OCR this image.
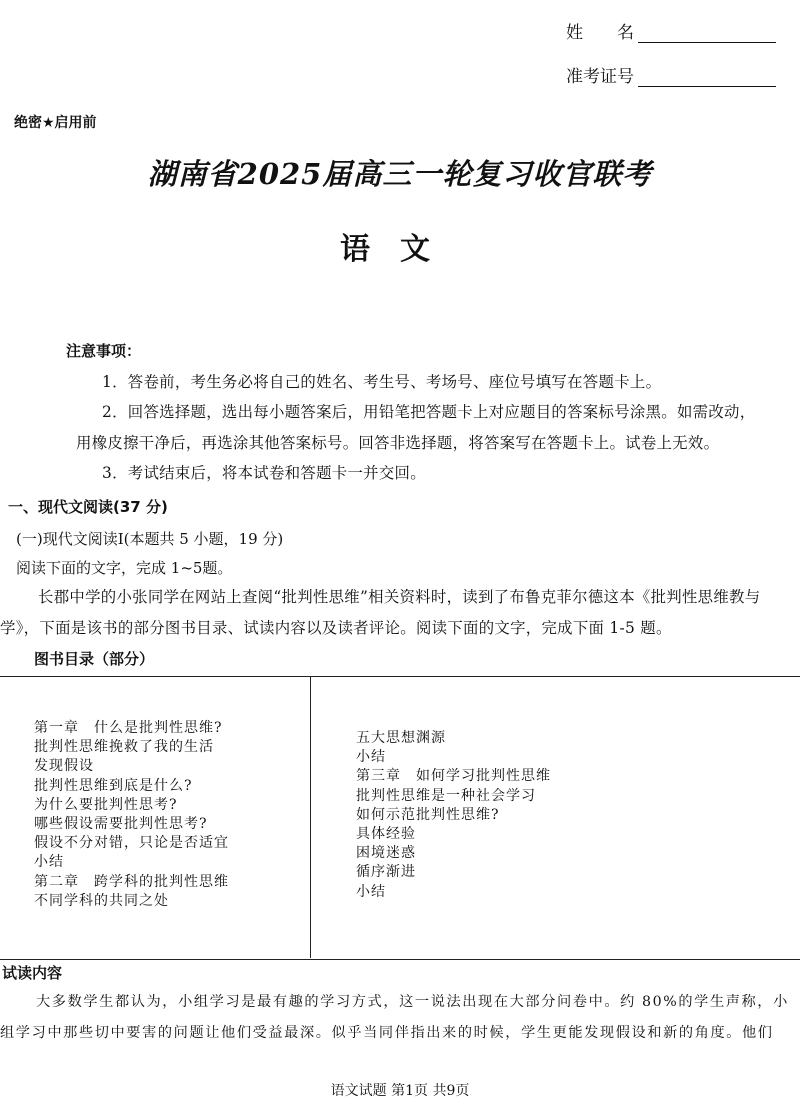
姓　　名
准考证号
绝密★启用前
湖南省2025届高三一轮复习收官联考
语文
注意事项：
1．答卷前，考生务必将自己的姓名、考生号、考场号、座位号填写在答题卡上。
2．回答选择题，选出每小题答案后，用铅笔把答题卡上对应题目的答案标号涂黑。如需改动，
用橡皮擦干净后，再选涂其他答案标号。回答非选择题，将答案写在答题卡上。试卷上无效。
3．考试结束后，将本试卷和答题卡一并交回。
一、现代文阅读(37 分)
(一)现代文阅读Ⅰ(本题共 5 小题，19 分)
阅读下面的文字，完成 1~5题。
长郡中学的小张同学在网站上查阅“批判性思维”相关资料时，读到了布鲁克菲尔德这本《批判性思维教与
学》，下面是该书的部分图书目录、试读内容以及读者评论。阅读下面的文字，完成下面 1-5 题。
图书目录（部分）
第一章　什么是批判性思维?
批判性思维挽救了我的生活
发现假设
批判性思维到底是什么?
为什么要批判性思考?
哪些假设需要批判性思考?
假设不分对错，只论是否适宜
小结
第二章　跨学科的批判性思维
不同学科的共同之处
五大思想渊源
小结
第三章　如何学习批判性思维
批判性思维是一种社会学习
如何示范批判性思维?
具体经验
困境迷惑
循序渐进
小结
试读内容
大多数学生都认为，小组学习是最有趣的学习方式，这一说法出现在大部分问卷中。约 80%的学生声称，小
组学习中那些切中要害的问题让他们受益最深。似乎当同伴指出来的时候，学生更能发现假设和新的角度。他们
语文试题 第1页 共9页
